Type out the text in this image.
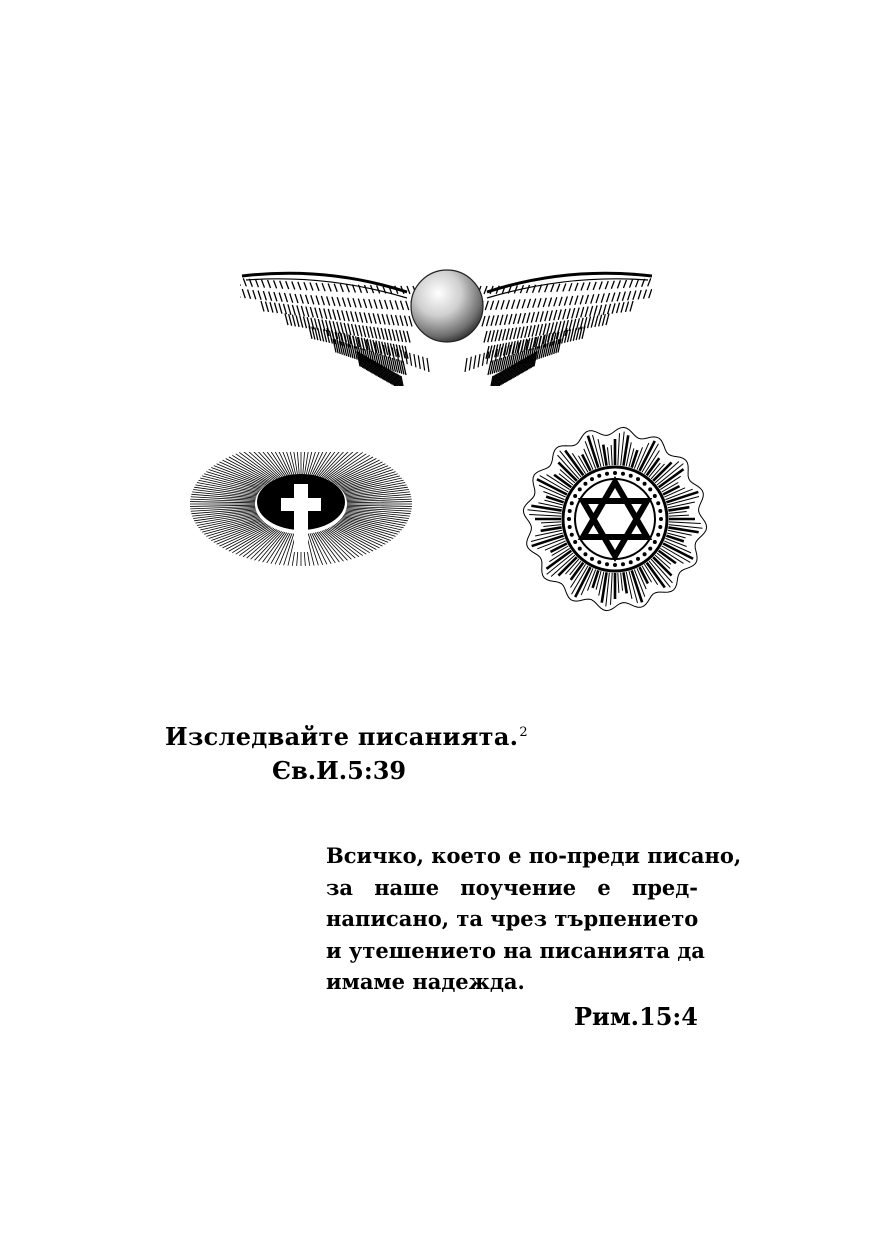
Изследвайте писанията.$^2$
Єв.И.5:39
Всичко, което е по-преди писано,
за наше поучение е пред-
написано, та чрез търпението
и утешението на писанията да
имаме надежда.
Рим.15:4
